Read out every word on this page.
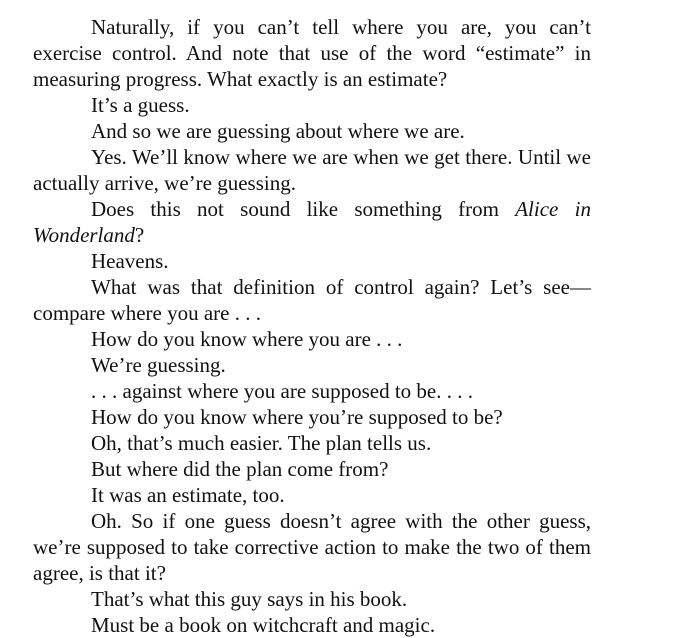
Naturally, if you can’t tell where you are, you can’t exercise control. And note that use of the word “estimate” in measuring progress. What exactly is an estimate?

It’s a guess.

And so we are guessing about where we are.

Yes. We’ll know where we are when we get there. Until we actually arrive, we’re guessing.

Does this not sound like something from Alice in Wonderland?

Heavens.

What was that definition of control again? Let’s see—compare where you are . . .

How do you know where you are . . .

We’re guessing.

. . . against where you are supposed to be. . . .

How do you know where you’re supposed to be?

Oh, that’s much easier. The plan tells us.

But where did the plan come from?

It was an estimate, too.

Oh. So if one guess doesn’t agree with the other guess, we’re supposed to take corrective action to make the two of them agree, is that it?

That’s what this guy says in his book.

Must be a book on witchcraft and magic.
